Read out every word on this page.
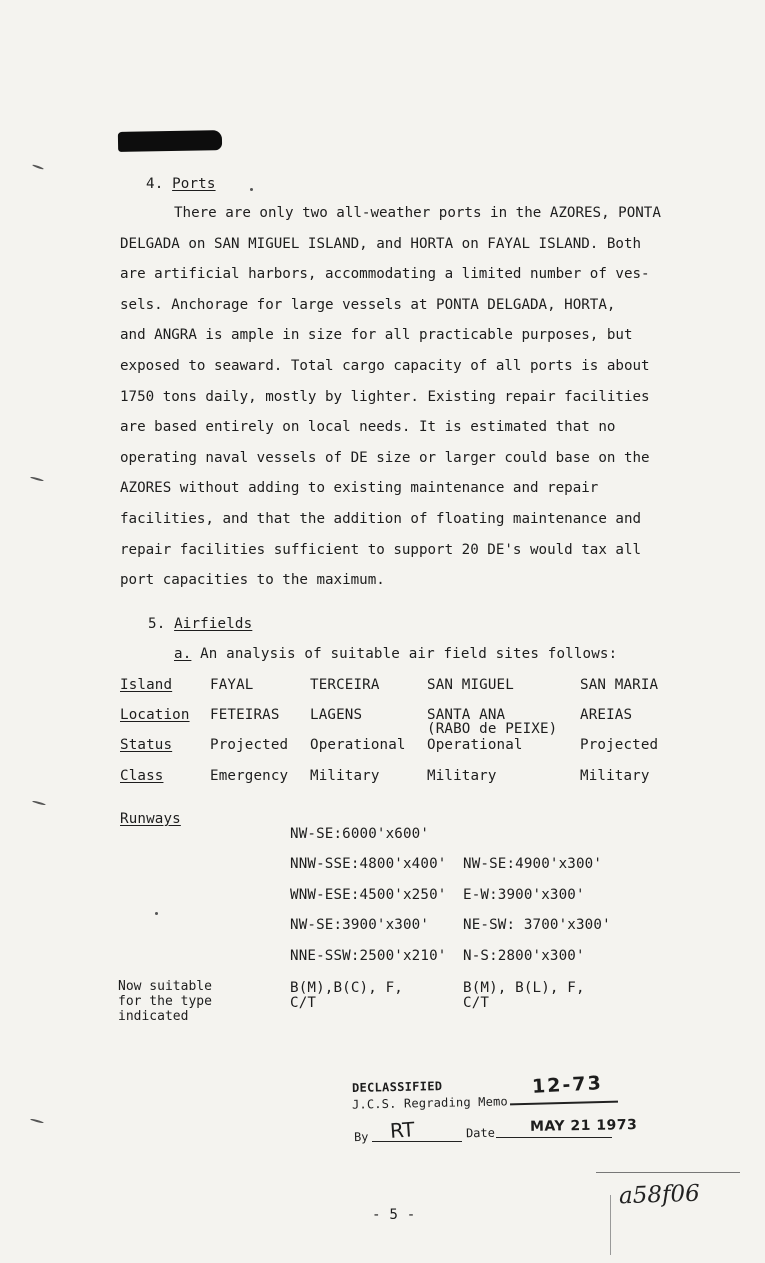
4. Ports
There are only two all-weather ports in the AZORES, PONTA
DELGADA on SAN MIGUEL ISLAND, and HORTA on FAYAL ISLAND. Both
are artificial harbors, accommodating a limited number of ves-
sels. Anchorage for large vessels at PONTA DELGADA, HORTA,
and ANGRA is ample in size for all practicable purposes, but
exposed to seaward. Total cargo capacity of all ports is about
1750 tons daily, mostly by lighter. Existing repair facilities
are based entirely on local needs. It is estimated that no
operating naval vessels of DE size or larger could base on the
AZORES without adding to existing maintenance and repair
facilities, and that the addition of floating maintenance and
repair facilities sufficient to support 20 DE's would tax all
port capacities to the maximum.
5. Airfields
a. An analysis of suitable air field sites follows:
Island
Location
Status
Class
Runways
FAYAL
FETEIRAS
Projected
Emergency
TERCEIRA
LAGENS
Operational
Military
SAN MIGUEL
SANTA ANA
(RABO de PEIXE)
Operational
Military
SAN MARIA
AREIAS
Projected
Military
NW-SE:6000'x600'
NNW-SSE:4800'x400'
WNW-ESE:4500'x250'
NW-SE:3900'x300'
NNE-SSW:2500'x210'
NW-SE:4900'x300'
E-W:3900'x300'
NE-SW: 3700'x300'
N-S:2800'x300'
Now suitable
for the type
indicated
B(M),B(C), F,
C/T
B(M), B(L), F,
C/T
DECLASSIFIED
J.C.S. Regrading Memo
12-73
By RT	Date MAY 21 1973
a58f06
- 5 -
